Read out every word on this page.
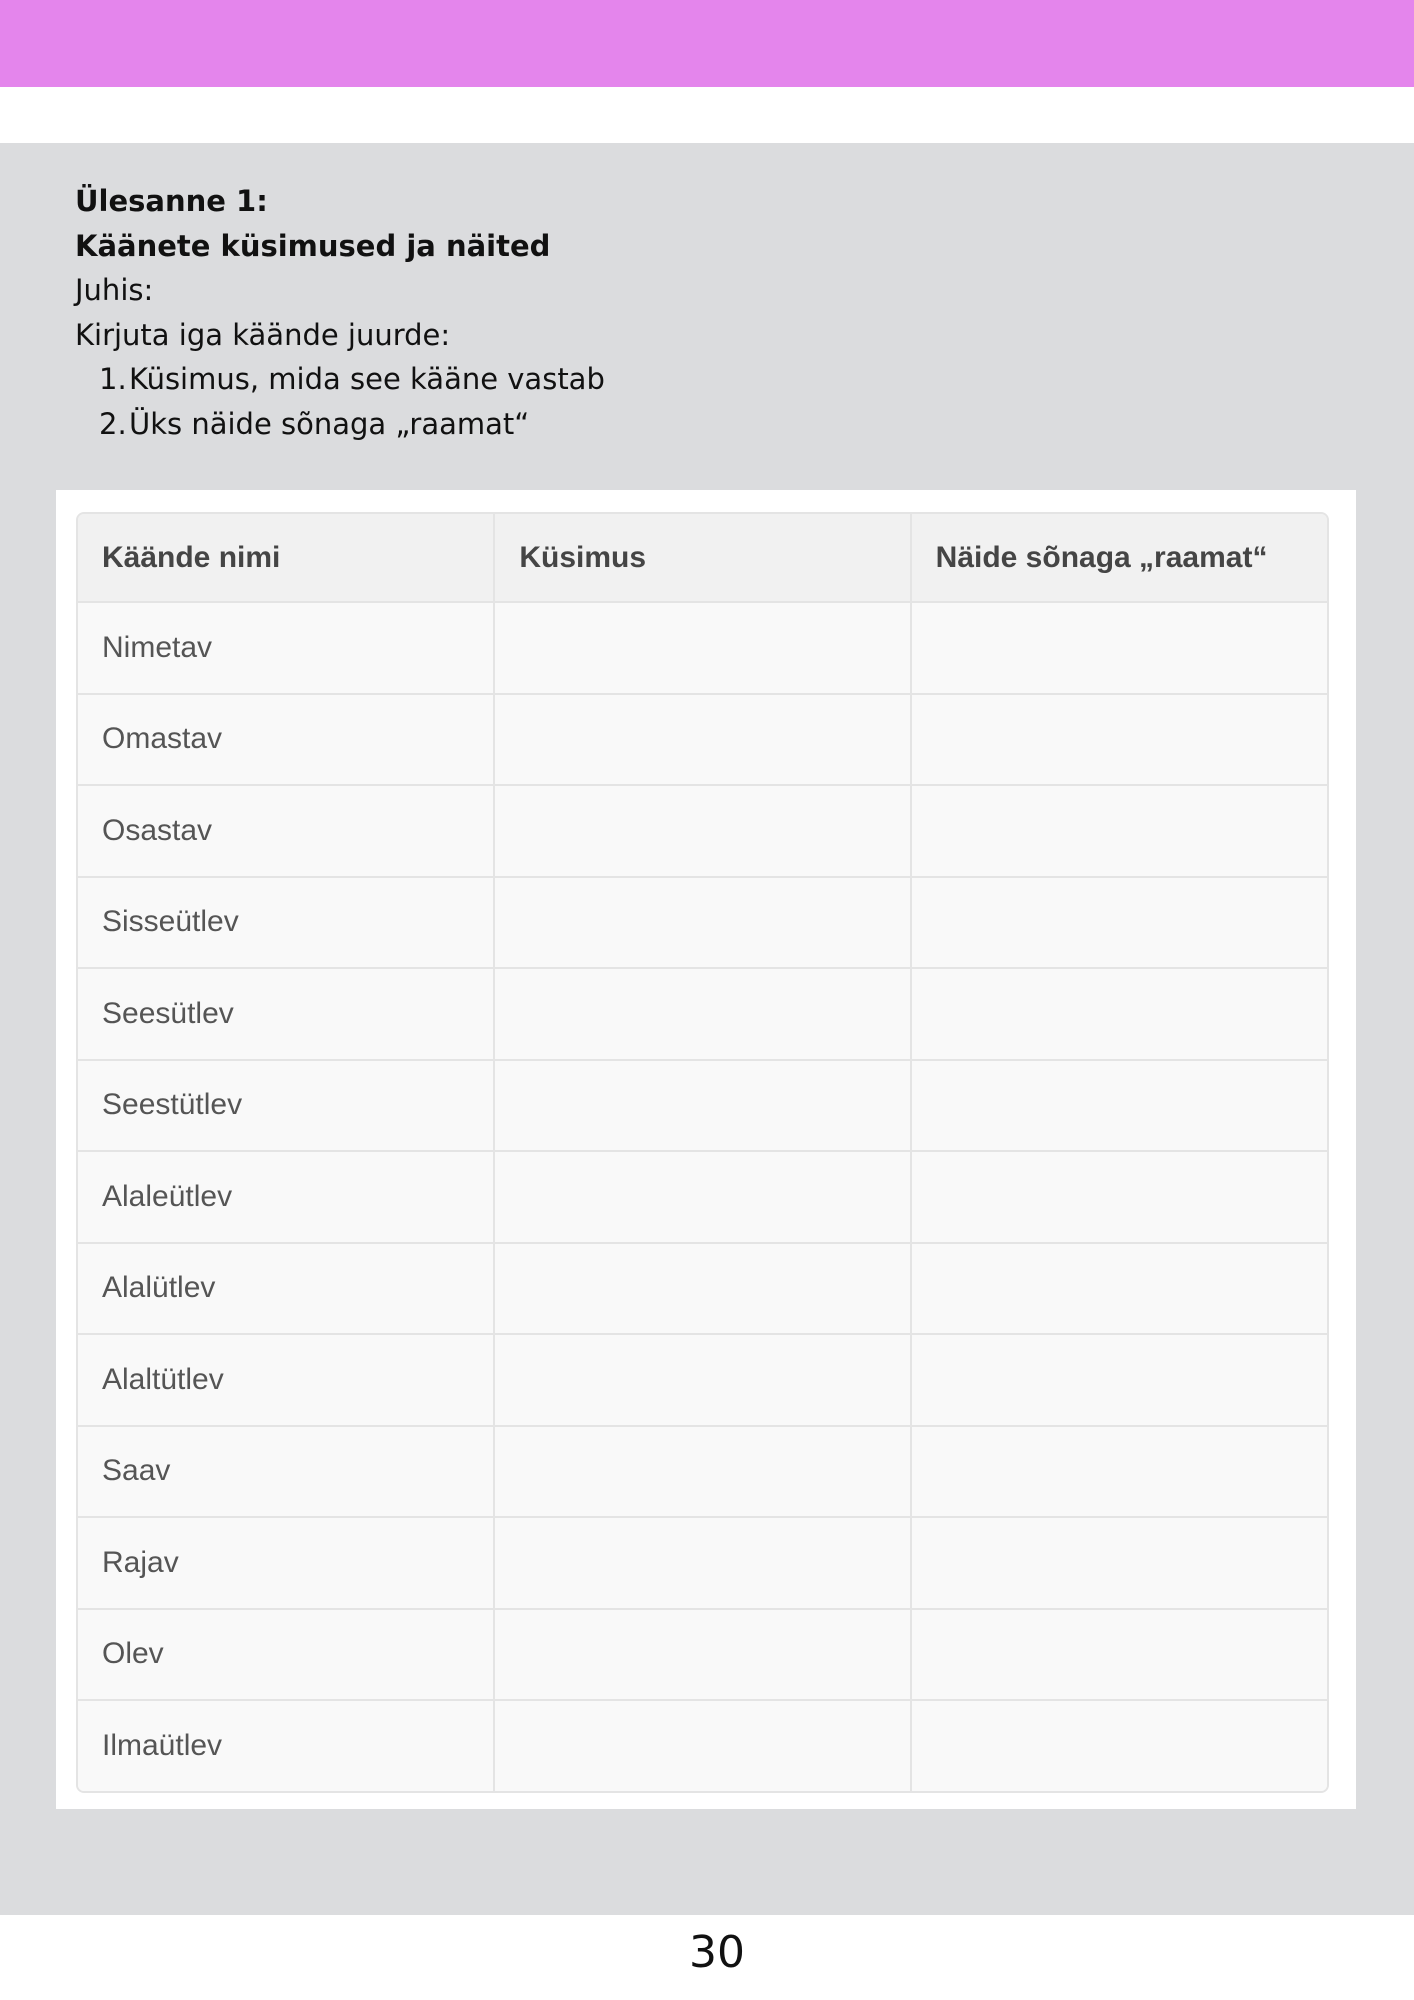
Ülesanne 1:
Käänete küsimused ja näited
Juhis:
Kirjuta iga käände juurde:
1. Küsimus, mida see kääne vastab
2. Üks näide sõnaga „raamat“
Käände nimi	Küsimus	Näide sõnaga „raamat“
Nimetav		
Omastav		
Osastav		
Sisseütlev		
Seesütlev		
Seestütlev		
Alaleütlev		
Alalütlev		
Alaltütlev		
Saav		
Rajav		
Olev		
Ilmaütlev		
30
